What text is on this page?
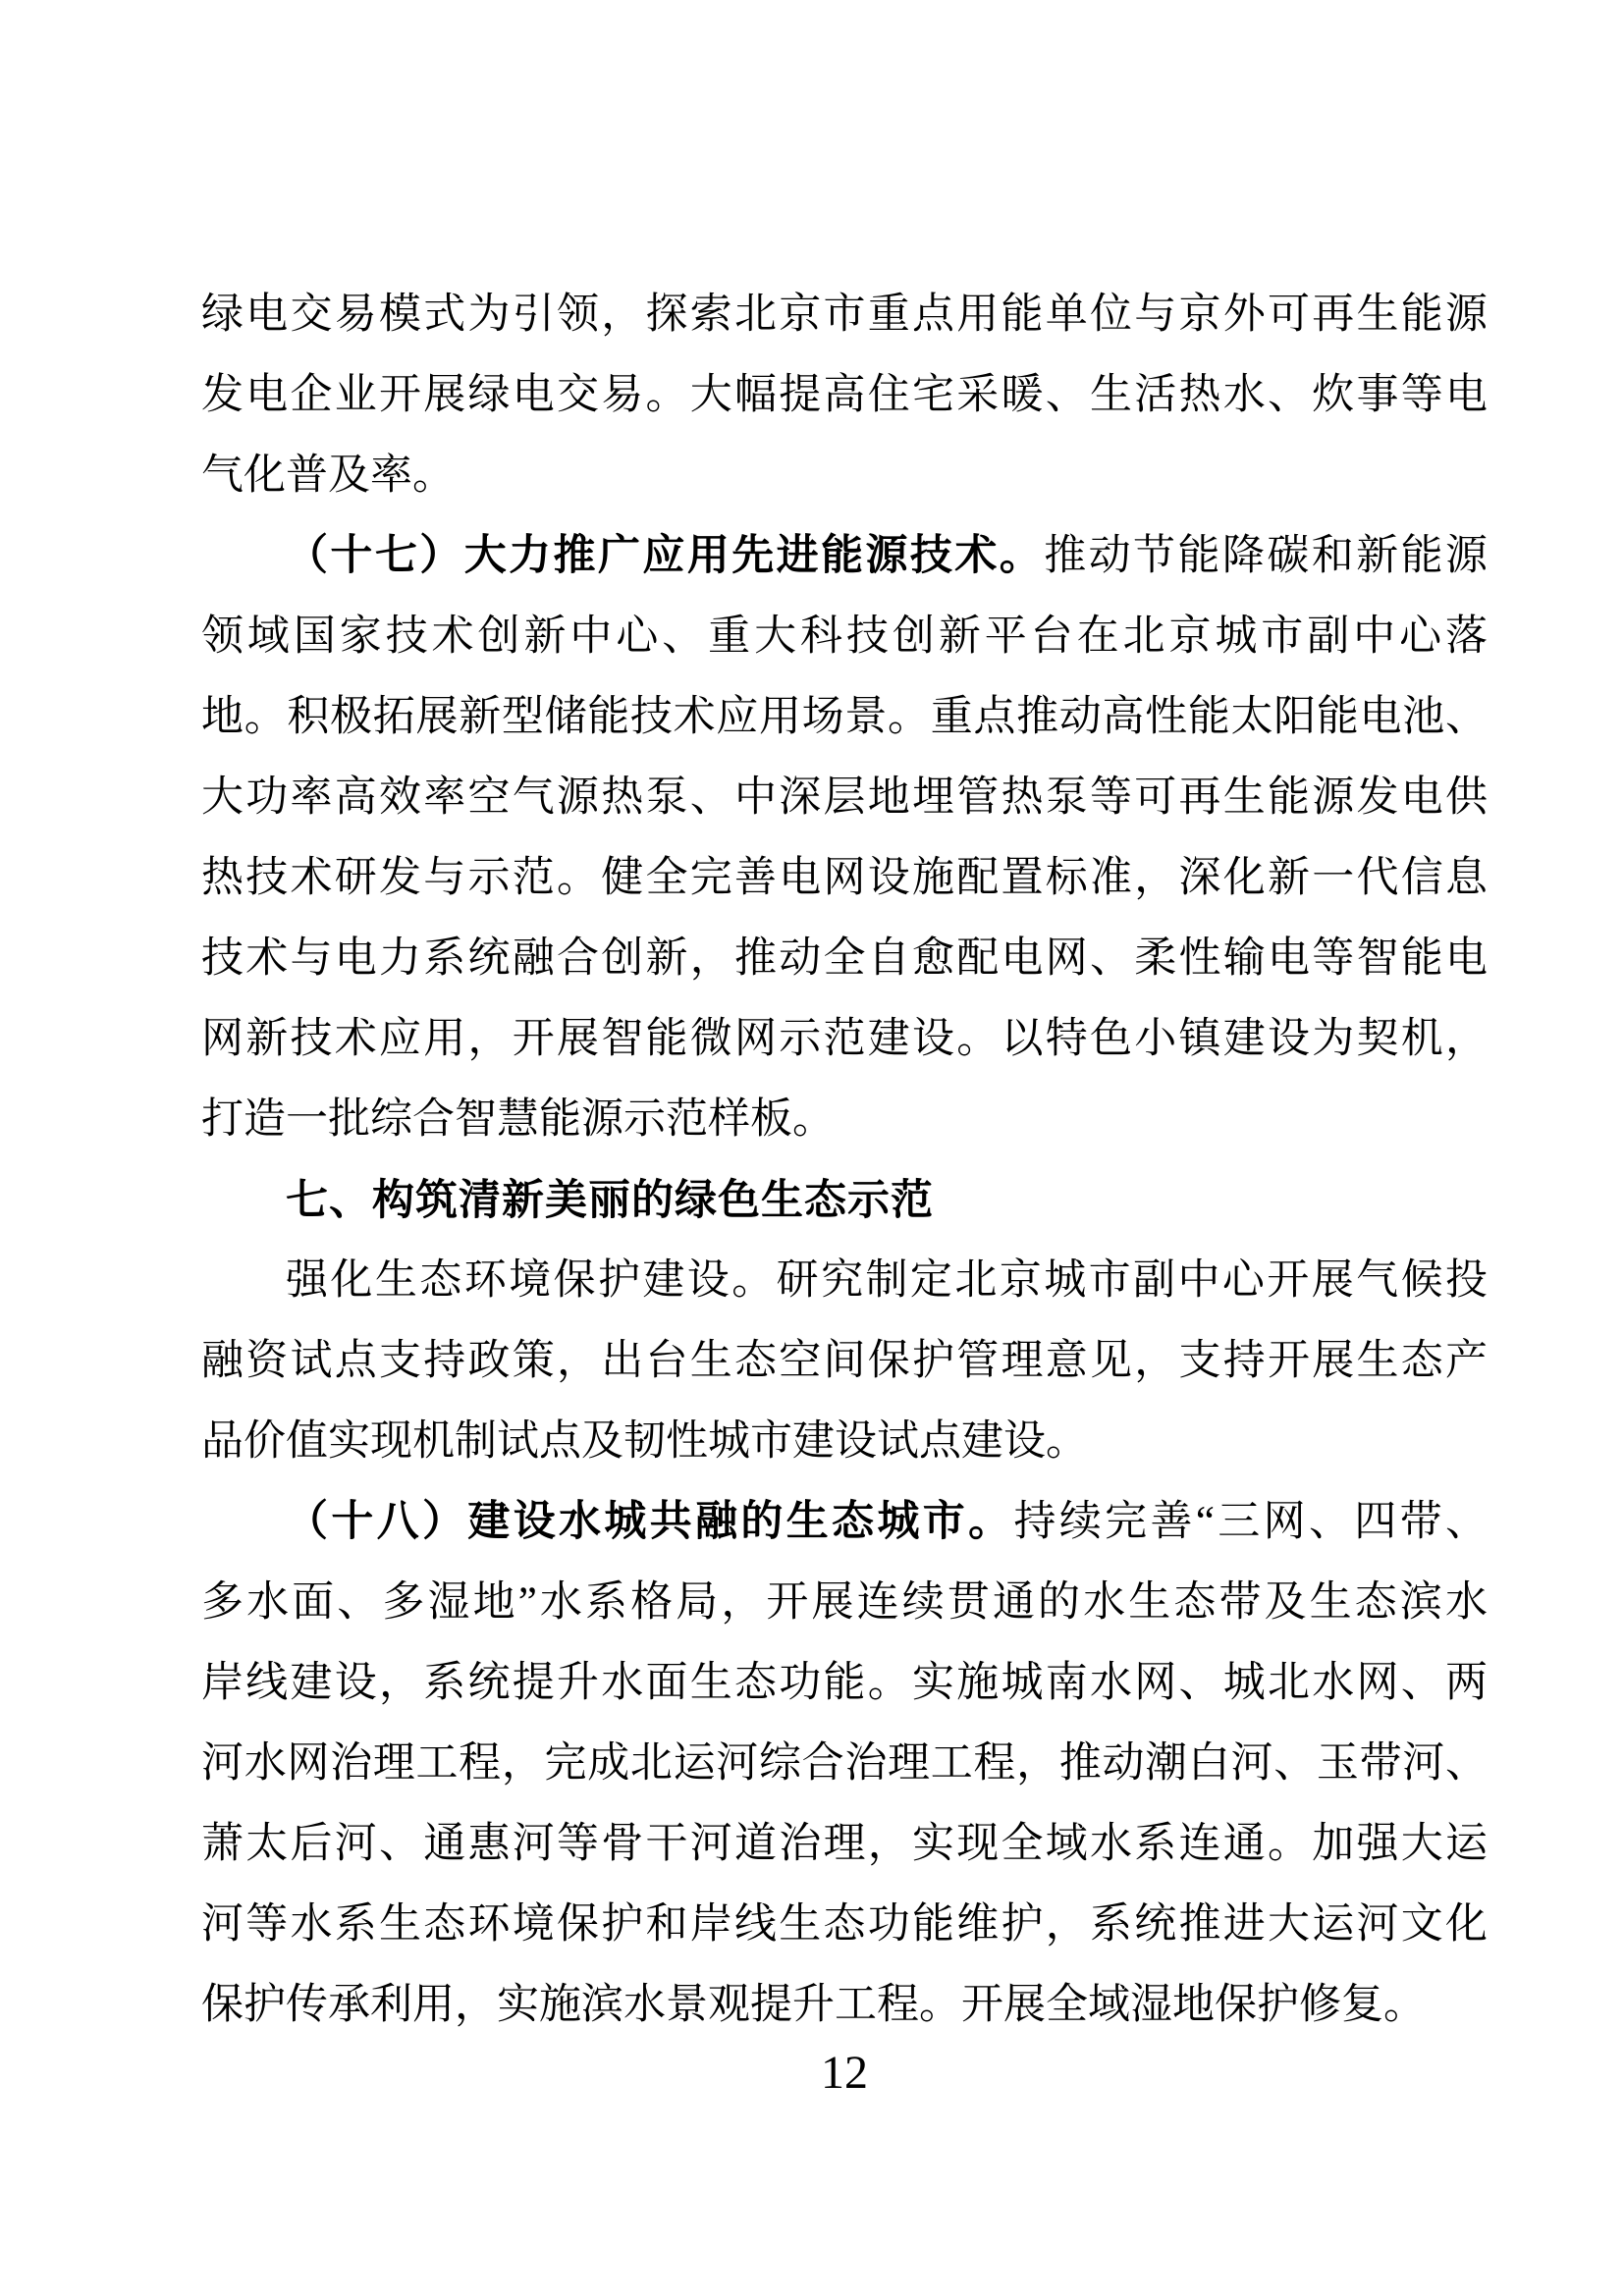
绿电交易模式为引领，探索北京市重点用能单位与京外可再生能源
发电企业开展绿电交易。大幅提高住宅采暖、生活热水、炊事等电
气化普及率。
（十七）大力推广应用先进能源技术。推动节能降碳和新能源
领域国家技术创新中心、重大科技创新平台在北京城市副中心落
地。积极拓展新型储能技术应用场景。重点推动高性能太阳能电池、
大功率高效率空气源热泵、中深层地埋管热泵等可再生能源发电供
热技术研发与示范。健全完善电网设施配置标准，深化新一代信息
技术与电力系统融合创新，推动全自愈配电网、柔性输电等智能电
网新技术应用，开展智能微网示范建设。以特色小镇建设为契机，
打造一批综合智慧能源示范样板。
七、构筑清新美丽的绿色生态示范
强化生态环境保护建设。研究制定北京城市副中心开展气候投
融资试点支持政策，出台生态空间保护管理意见，支持开展生态产
品价值实现机制试点及韧性城市建设试点建设。
（十八）建设水城共融的生态城市。持续完善“三网、四带、
多水面、多湿地”水系格局，开展连续贯通的水生态带及生态滨水
岸线建设，系统提升水面生态功能。实施城南水网、城北水网、两
河水网治理工程，完成北运河综合治理工程，推动潮白河、玉带河、
萧太后河、通惠河等骨干河道治理，实现全域水系连通。加强大运
河等水系生态环境保护和岸线生态功能维护，系统推进大运河文化
保护传承利用，实施滨水景观提升工程。开展全域湿地保护修复。
12
